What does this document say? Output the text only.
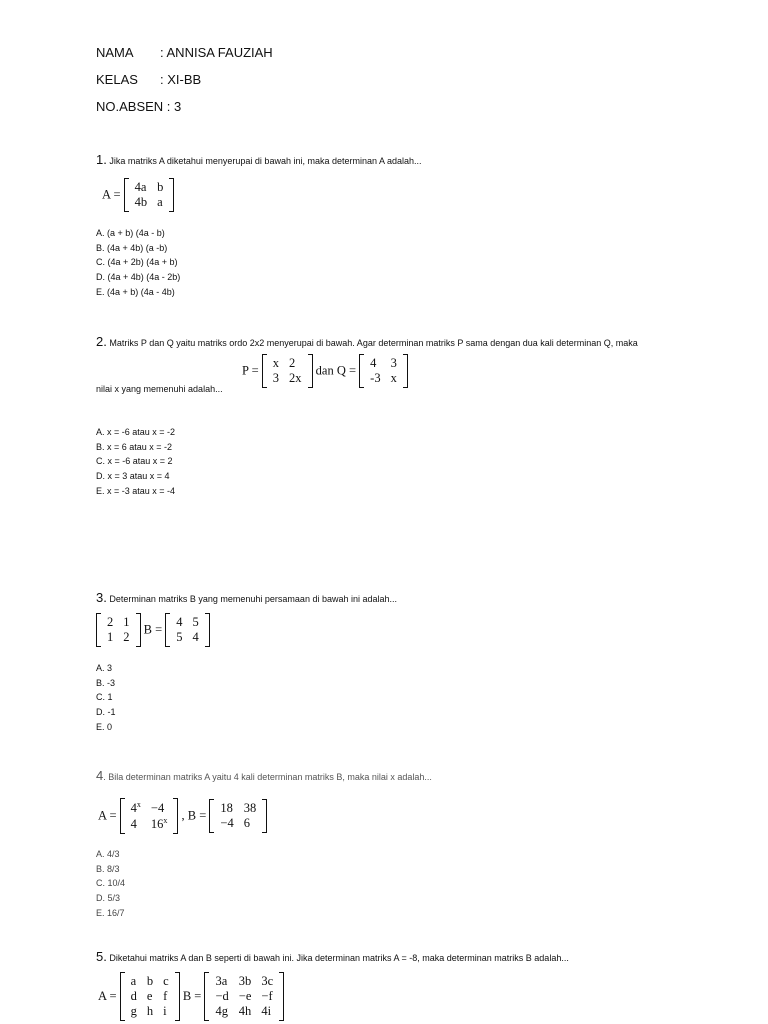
NAMA : ANNISA FAUZIAH
KELAS : XI-BB
NO.ABSEN : 3
1. Jika matriks A diketahui menyerupai di bawah ini, maka determinan A adalah...
A =
4a	b
4b	a
A. (a + b) (4a - b)
B. (4a + 4b) (a -b)
C. (4a + 2b) (4a + b)
D. (4a + 4b) (4a - 2b)
E. (4a + b) (4a - 4b)
2. Matriks P dan Q yaitu matriks ordo 2x2 menyerupai di bawah. Agar determinan matriks P sama dengan dua kali determinan Q, maka
P =
x	2
3	2x
dan Q =
4	3
-3	x
nilai x yang memenuhi adalah...
A. x = -6 atau x = -2
B. x = 6 atau x = -2
C. x = -6 atau x = 2
D. x = 3 atau x = 4
E. x = -3 atau x = -4
3. Determinan matriks B yang memenuhi persamaan di bawah ini adalah...
2	1
1	2
B =
4	5
5	4
A. 3
B. -3
C. 1
D. -1
E. 0
4. Bila determinan matriks A yaitu 4 kali determinan matriks B, maka nilai x adalah...
A =
$4^x$	−4
4	16$^x$ , B =
18	38
−4	6
A. 4/3
B. 8/3
C. 10/4
D. 5/3
E. 16/7
5. Diketahui matriks A dan B seperti di bawah ini. Jika determinan matriks A = -8, maka determinan matriks B adalah...
A =
a	b	c
d	e	f
g	h	i
B =
3a	3b	3c
−d	−e	−f
4g	4h	4i
